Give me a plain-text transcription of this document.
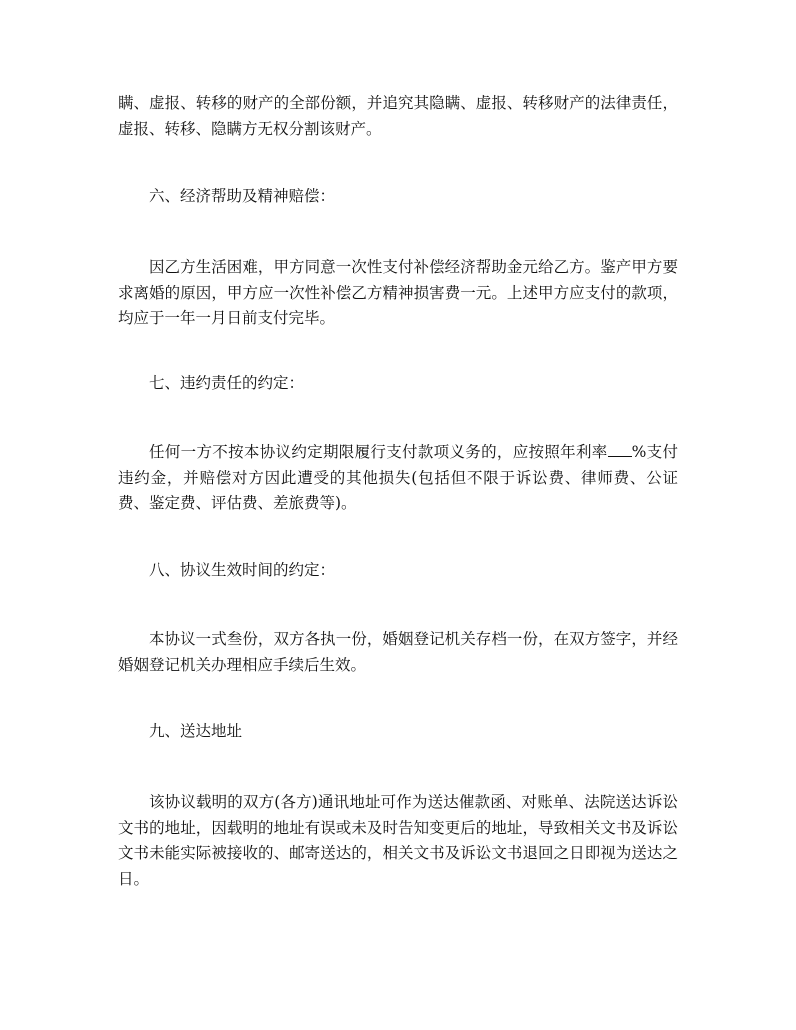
瞒、虚报、转移的财产的全部份额，并追究其隐瞒、虚报、转移财产的法律责任，虚报、转移、隐瞒方无权分割该财产。

六、经济帮助及精神赔偿：

因乙方生活困难，甲方同意一次性支付补偿经济帮助金元给乙方。鉴产甲方要求离婚的原因，甲方应一次性补偿乙方精神损害费一元。上述甲方应支付的款项，均应于一年一月日前支付完毕。

七、违约责任的约定：

任何一方不按本协议约定期限履行支付款项义务的，应按照年利率 %支付违约金，并赔偿对方因此遭受的其他损失(包括但不限于诉讼费、律师费、公证费、鉴定费、评估费、差旅费等)。

八、协议生效时间的约定：

本协议一式叁份，双方各执一份，婚姻登记机关存档一份，在双方签字，并经婚姻登记机关办理相应手续后生效。

九、送达地址

该协议载明的双方(各方)通讯地址可作为送达催款函、对账单、法院送达诉讼文书的地址，因载明的地址有误或未及时告知变更后的地址，导致相关文书及诉讼文书未能实际被接收的、邮寄送达的，相关文书及诉讼文书退回之日即视为送达之日。
